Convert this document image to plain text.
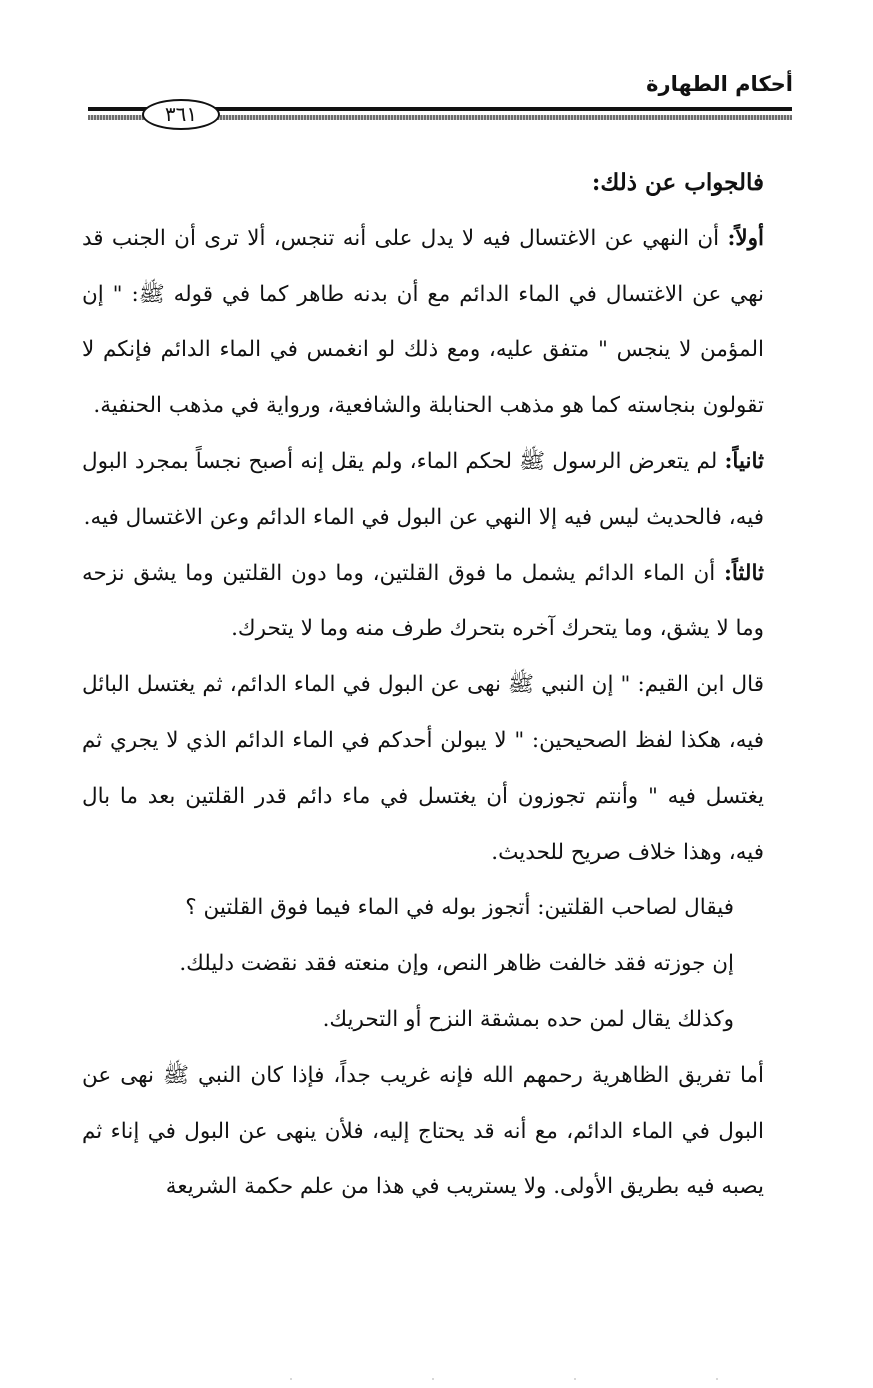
أحكام الطهارة
٣٦١

فالجواب عن ذلك:

أولاً: أن النهي عن الاغتسال فيه لا يدل على أنه تنجس، ألا ترى أن الجنب قد نهي عن الاغتسال في الماء الدائم مع أن بدنه طاهر كما في قوله ﷺ: " إن المؤمن لا ينجس " متفق عليه، ومع ذلك لو انغمس في الماء الدائم فإنكم لا تقولون بنجاسته كما هو مذهب الحنابلة والشافعية، ورواية في مذهب الحنفية.

ثانياً: لم يتعرض الرسول ﷺ لحكم الماء، ولم يقل إنه أصبح نجساً بمجرد البول فيه، فالحديث ليس فيه إلا النهي عن البول في الماء الدائم وعن الاغتسال فيه.

ثالثاً: أن الماء الدائم يشمل ما فوق القلتين، وما دون القلتين وما يشق نزحه وما لا يشق، وما يتحرك آخره بتحرك طرف منه وما لا يتحرك.

قال ابن القيم: " إن النبي ﷺ نهى عن البول في الماء الدائم، ثم يغتسل البائل فيه، هكذا لفظ الصحيحين: " لا يبولن أحدكم في الماء الدائم الذي لا يجري ثم يغتسل فيه " وأنتم تجوزون أن يغتسل في ماء دائم قدر القلتين بعد ما بال فيه، وهذا خلاف صريح للحديث.

فيقال لصاحب القلتين: أتجوز بوله في الماء فيما فوق القلتين ؟

إن جوزته فقد خالفت ظاهر النص، وإن منعته فقد نقضت دليلك.

وكذلك يقال لمن حده بمشقة النزح أو التحريك.

أما تفريق الظاهرية رحمهم الله فإنه غريب جداً، فإذا كان النبي ﷺ نهى عن البول في الماء الدائم، مع أنه قد يحتاج إليه، فلأن ينهى عن البول في إناء ثم يصبه فيه بطريق الأولى. ولا يستريب في هذا من علم حكمة الشريعة
